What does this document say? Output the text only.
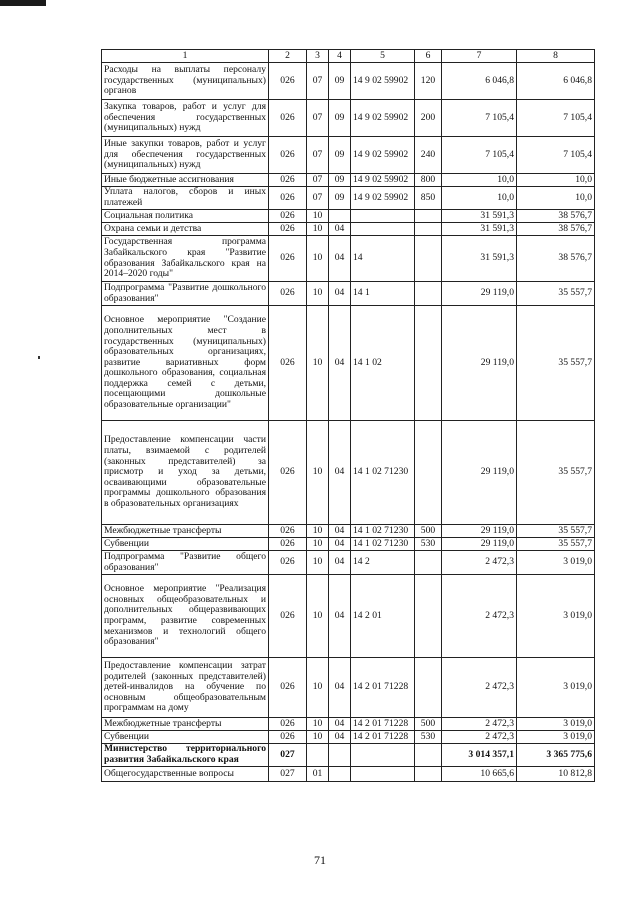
1	2	3	4	5	6	7	8
Расходы на выплаты персоналу государственных (муниципальных) органов	026	07	09	14 9 02 59902	120	6 046,8	6 046,8
Закупка товаров, работ и услуг для обеспечения государственных (муниципальных) нужд	026	07	09	14 9 02 59902	200	7 105,4	7 105,4
Иные закупки товаров, работ и услуг для обеспечения государственных (муниципальных) нужд	026	07	09	14 9 02 59902	240	7 105,4	7 105,4
Иные бюджетные ассигнования	026	07	09	14 9 02 59902	800	10,0	10,0
Уплата налогов, сборов и иных платежей	026	07	09	14 9 02 59902	850	10,0	10,0
Социальная политика	026	10				31 591,3	38 576,7
Охрана семьи и детства	026	10	04			31 591,3	38 576,7
Государственная программа Забайкальского края "Развитие образования Забайкальского края на 2014–2020 годы"	026	10	04	14		31 591,3	38 576,7
Подпрограмма "Развитие дошкольного образования"	026	10	04	14 1		29 119,0	35 557,7
Основное мероприятие "Создание дополнительных мест в государственных (муниципальных) образовательных организациях, развитие вариативных форм дошкольного образования, социальная поддержка семей с детьми, посещающими дошкольные образовательные организации"	026	10	04	14 1 02		29 119,0	35 557,7
Предоставление компенсации части платы, взимаемой с родителей (законных представителей) за присмотр и уход за детьми, осваивающими образовательные программы дошкольного образования в образовательных организациях	026	10	04	14 1 02 71230		29 119,0	35 557,7
Межбюджетные трансферты	026	10	04	14 1 02 71230	500	29 119,0	35 557,7
Субвенции	026	10	04	14 1 02 71230	530	29 119,0	35 557,7
Подпрограмма "Развитие общего образования"	026	10	04	14 2		2 472,3	3 019,0
Основное мероприятие "Реализация основных общеобразовательных и дополнительных общеразвивающих программ, развитие современных механизмов и технологий общего образования"	026	10	04	14 2 01		2 472,3	3 019,0
Предоставление компенсации затрат родителей (законных представителей) детей-инвалидов на обучение по основным общеобразовательным программам на дому	026	10	04	14 2 01 71228		2 472,3	3 019,0
Межбюджетные трансферты	026	10	04	14 2 01 71228	500	2 472,3	3 019,0
Субвенции	026	10	04	14 2 01 71228	530	2 472,3	3 019,0
Министерство территориального развития Забайкальского края	027					3 014 357,1	3 365 775,6
Общегосударственные вопросы	027	01				10 665,6	10 812,8
71
